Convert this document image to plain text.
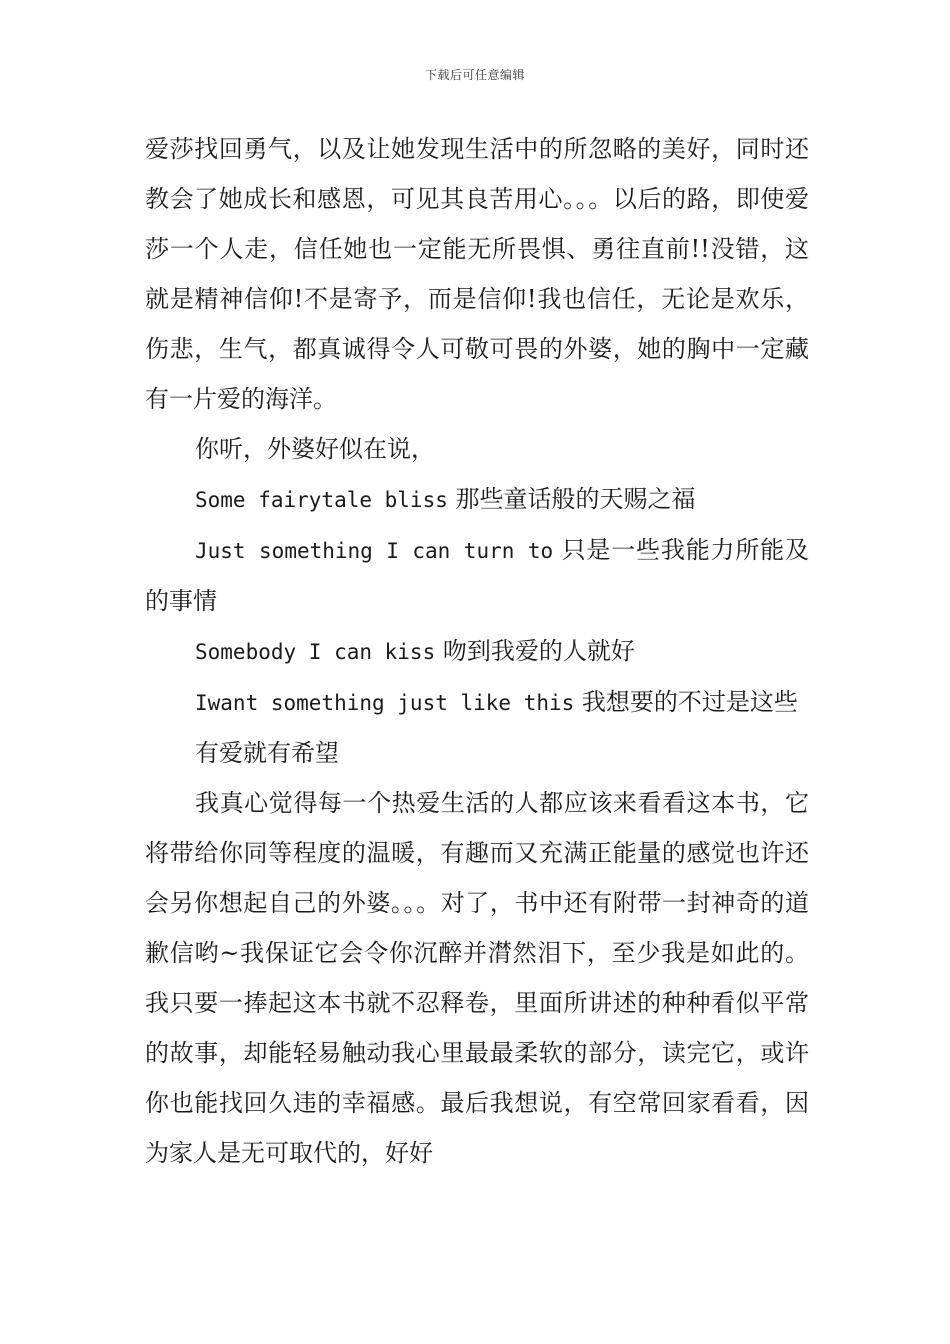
下载后可任意编辑

爱莎找回勇气，以及让她发现生活中的所忽略的美好，同时还教会了她成长和感恩，可见其良苦用心。。。以后的路，即使爱莎一个人走，信任她也一定能无所畏惧、勇往直前!!没错，这就是精神信仰!不是寄予，而是信仰!我也信任，无论是欢乐，伤悲，生气，都真诚得令人可敬可畏的外婆，她的胸中一定藏有一片爱的海洋。

你听，外婆好似在说，

Some fairytale bliss 那些童话般的天赐之福

Just something I can turn to 只是一些我能力所能及的事情

Somebody I can kiss 吻到我爱的人就好

Iwant something just like this 我想要的不过是这些

有爱就有希望

我真心觉得每一个热爱生活的人都应该来看看这本书，它将带给你同等程度的温暖，有趣而又充满正能量的感觉也许还会另你想起自己的外婆。。。对了，书中还有附带一封神奇的道歉信哟~我保证它会令你沉醉并潸然泪下，至少我是如此的。我只要一捧起这本书就不忍释卷，里面所讲述的种种看似平常的故事，却能轻易触动我心里最最柔软的部分，读完它，或许你也能找回久违的幸福感。最后我想说，有空常回家看看，因为家人是无可取代的，好好
